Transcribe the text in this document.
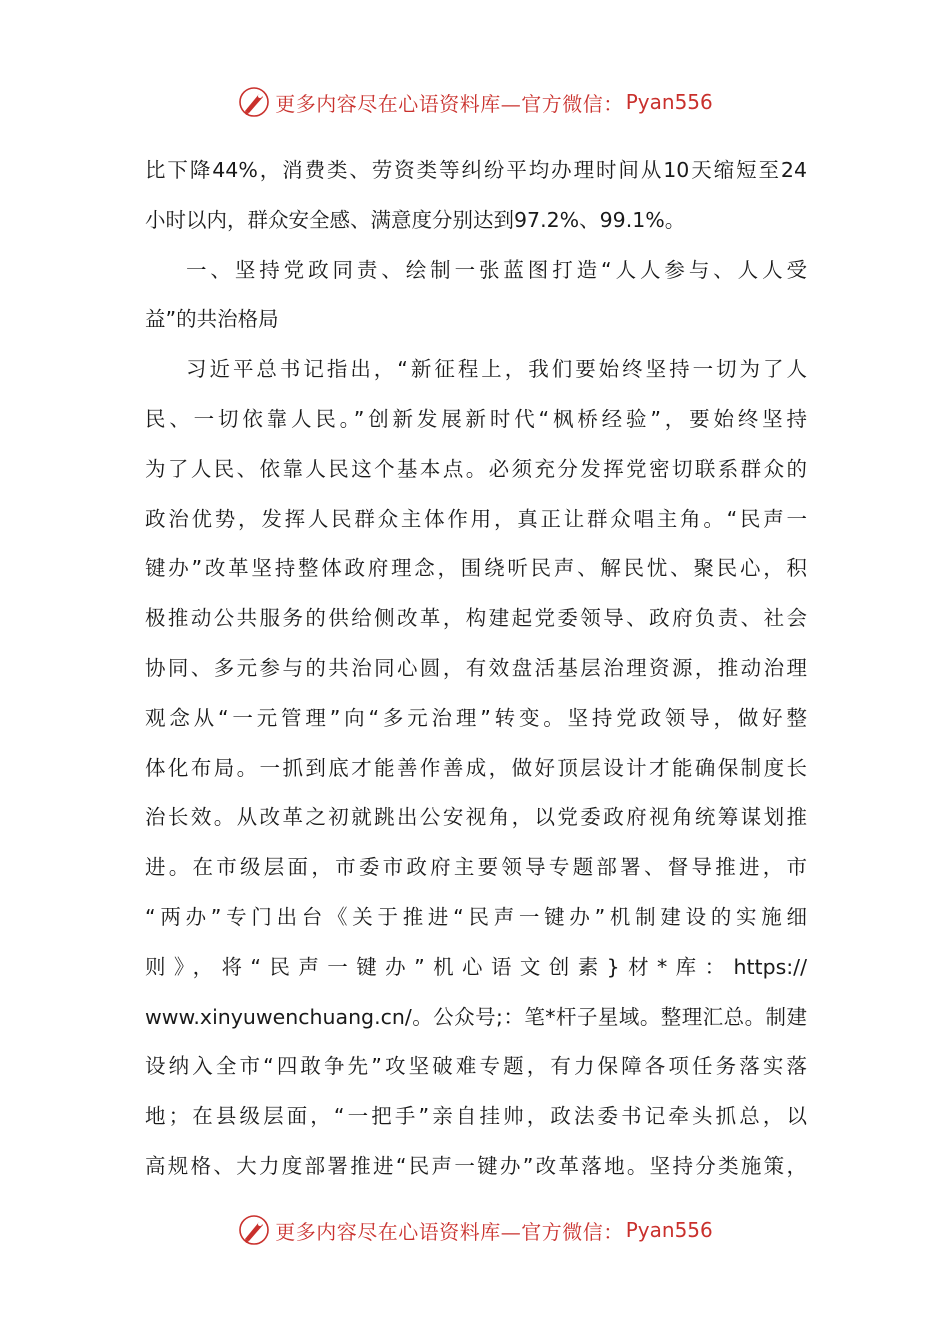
更多内容尽在心语资料库—官方微信： Pyan556

比下降44%，消费类、劳资类等纠纷平均办理时间从10天缩短至24
小时以内，群众安全感、满意度分别达到97.2%、99.1%。

一、坚持党政同责、绘制一张蓝图打造“人人参与、人人受
益”的共治格局

习近平总书记指出，“新征程上，我们要始终坚持一切为了人
民、一切依靠人民。”创新发展新时代“枫桥经验”，要始终坚持
为了人民、依靠人民这个基本点。必须充分发挥党密切联系群众的
政治优势，发挥人民群众主体作用，真正让群众唱主角。“民声一
键办”改革坚持整体政府理念，围绕听民声、解民忧、聚民心，积
极推动公共服务的供给侧改革，构建起党委领导、政府负责、社会
协同、多元参与的共治同心圆，有效盘活基层治理资源，推动治理
观念从“一元管理”向“多元治理”转变。坚持党政领导，做好整
体化布局。一抓到底才能善作善成，做好顶层设计才能确保制度长
治长效。从改革之初就跳出公安视角，以党委政府视角统筹谋划推
进。在市级层面，市委市政府主要领导专题部署、督导推进，市
“两办”专门出台《关于推进“民声一键办”机制建设的实施细
则》，将“民声一键办”机心语文创素}材*库：https://
www.xinyuwenchuang.cn/。公众号;：笔*杆子星域。整理汇总。制建
设纳入全市“四敢争先”攻坚破难专题，有力保障各项任务落实落
地；在县级层面，“一把手”亲自挂帅，政法委书记牵头抓总，以
高规格、大力度部署推进“民声一键办”改革落地。坚持分类施策，

更多内容尽在心语资料库—官方微信： Pyan556
